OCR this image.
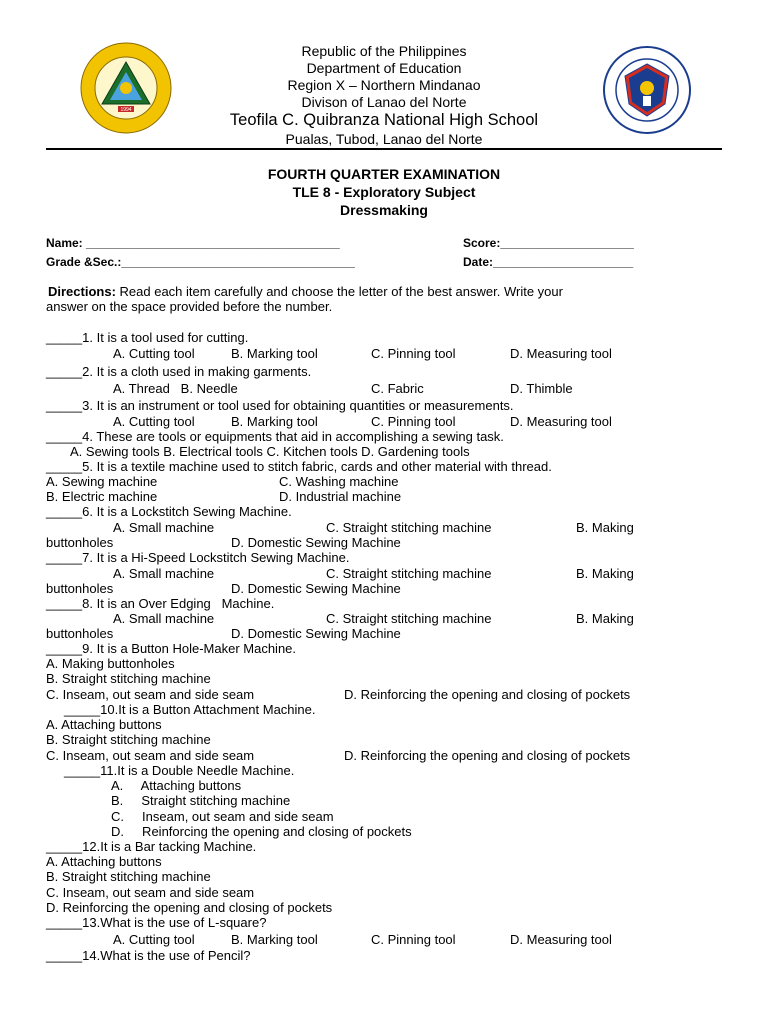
1994
Republic of the Philippines
Department of Education
Region X – Northern Mindanao
Divison of Lanao del Norte
Teofila C. Quibranza National High School
Pualas, Tubod, Lanao del Norte
FOURTH QUARTER EXAMINATION
TLE 8 - Exploratory Subject
Dressmaking
Name: ______________________________________	Score:____________________
Grade &Sec.:___________________________________	Date:_____________________
Directions: Read each item carefully and choose the letter of the best answer. Write your
answer on the space provided before the number.
_____1. It is a tool used for cutting.
A. Cutting tool	B. Marking tool	C. Pinning tool	D. Measuring tool
_____2. It is a cloth used in making garments.
A. Thread   B. Needle	C. Fabric	D. Thimble
_____3. It is an instrument or tool used for obtaining quantities or measurements.
A. Cutting tool	B. Marking tool	C. Pinning tool	D. Measuring tool
_____4. These are tools or equipments that aid in accomplishing a sewing task.
A. Sewing tools B. Electrical tools C. Kitchen tools D. Gardening tools
_____5. It is a textile machine used to stitch fabric, cards and other material with thread.
A. Sewing machine	C. Washing machine
B. Electric machine	D. Industrial machine
_____6. It is a Lockstitch Sewing Machine.
A. Small machine	C. Straight stitching machine	B. Making
buttonholes	D. Domestic Sewing Machine
_____7. It is a Hi-Speed Lockstitch Sewing Machine.
A. Small machine	C. Straight stitching machine	B. Making
buttonholes	D. Domestic Sewing Machine
_____8. It is an Over Edging   Machine.
A. Small machine	C. Straight stitching machine	B. Making
buttonholes	D. Domestic Sewing Machine
_____9. It is a Button Hole-Maker Machine.
A. Making buttonholes
B. Straight stitching machine
C. Inseam, out seam and side seam	D. Reinforcing the opening and closing of pockets
_____10.It is a Button Attachment Machine.
A. Attaching buttons
B. Straight stitching machine
C. Inseam, out seam and side seam	D. Reinforcing the opening and closing of pockets
_____11.It is a Double Needle Machine.
A.     Attaching buttons
B.     Straight stitching machine
C.     Inseam, out seam and side seam
D.     Reinforcing the opening and closing of pockets
_____12.It is a Bar tacking Machine.
A. Attaching buttons
B. Straight stitching machine
C. Inseam, out seam and side seam
D. Reinforcing the opening and closing of pockets
_____13.What is the use of L-square?
A. Cutting tool	B. Marking tool	C. Pinning tool	D. Measuring tool
_____14.What is the use of Pencil?
